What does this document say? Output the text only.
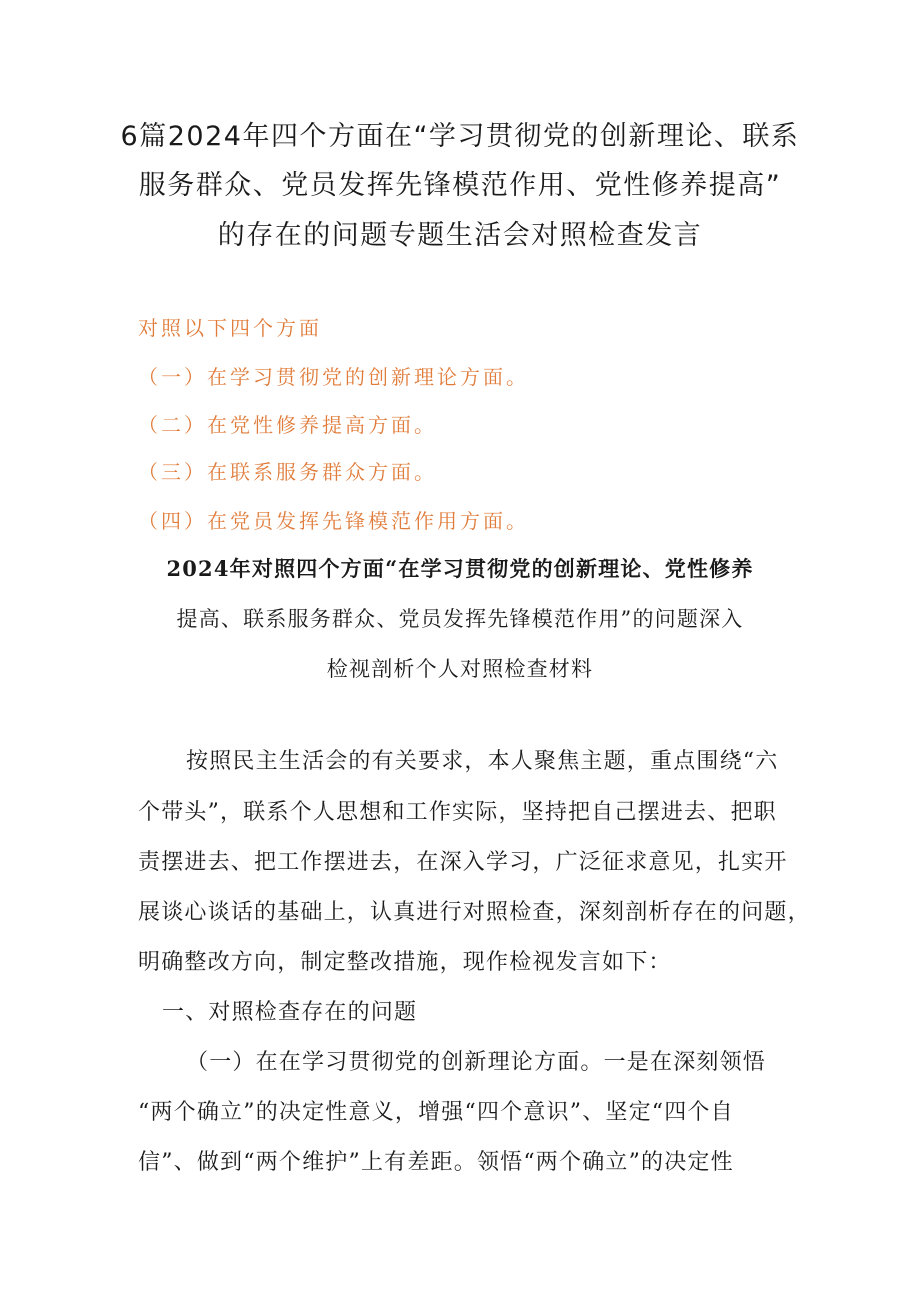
6篇2024年四个方面在“学习贯彻党的创新理论、联系
服务群众、党员发挥先锋模范作用、党性修养提高”
的存在的问题专题生活会对照检查发言
对照以下四个方面
（一）在学习贯彻党的创新理论方面。
（二）在党性修养提高方面。
（三）在联系服务群众方面。
（四）在党员发挥先锋模范作用方面。
2024年对照四个方面“在学习贯彻党的创新理论、党性修养
提高、联系服务群众、党员发挥先锋模范作用”的问题深入
检视剖析个人对照检查材料
按照民主生活会的有关要求，本人聚焦主题，重点围绕“六
个带头”，联系个人思想和工作实际，坚持把自己摆进去、把职
责摆进去、把工作摆进去，在深入学习，广泛征求意见，扎实开
展谈心谈话的基础上，认真进行对照检查，深刻剖析存在的问题，
明确整改方向，制定整改措施，现作检视发言如下：
一、对照检查存在的问题
（一）在在学习贯彻党的创新理论方面。一是在深刻领悟
“两个确立”的决定性意义，增强“四个意识”、坚定“四个自
信”、做到“两个维护”上有差距。领悟“两个确立”的决定性
